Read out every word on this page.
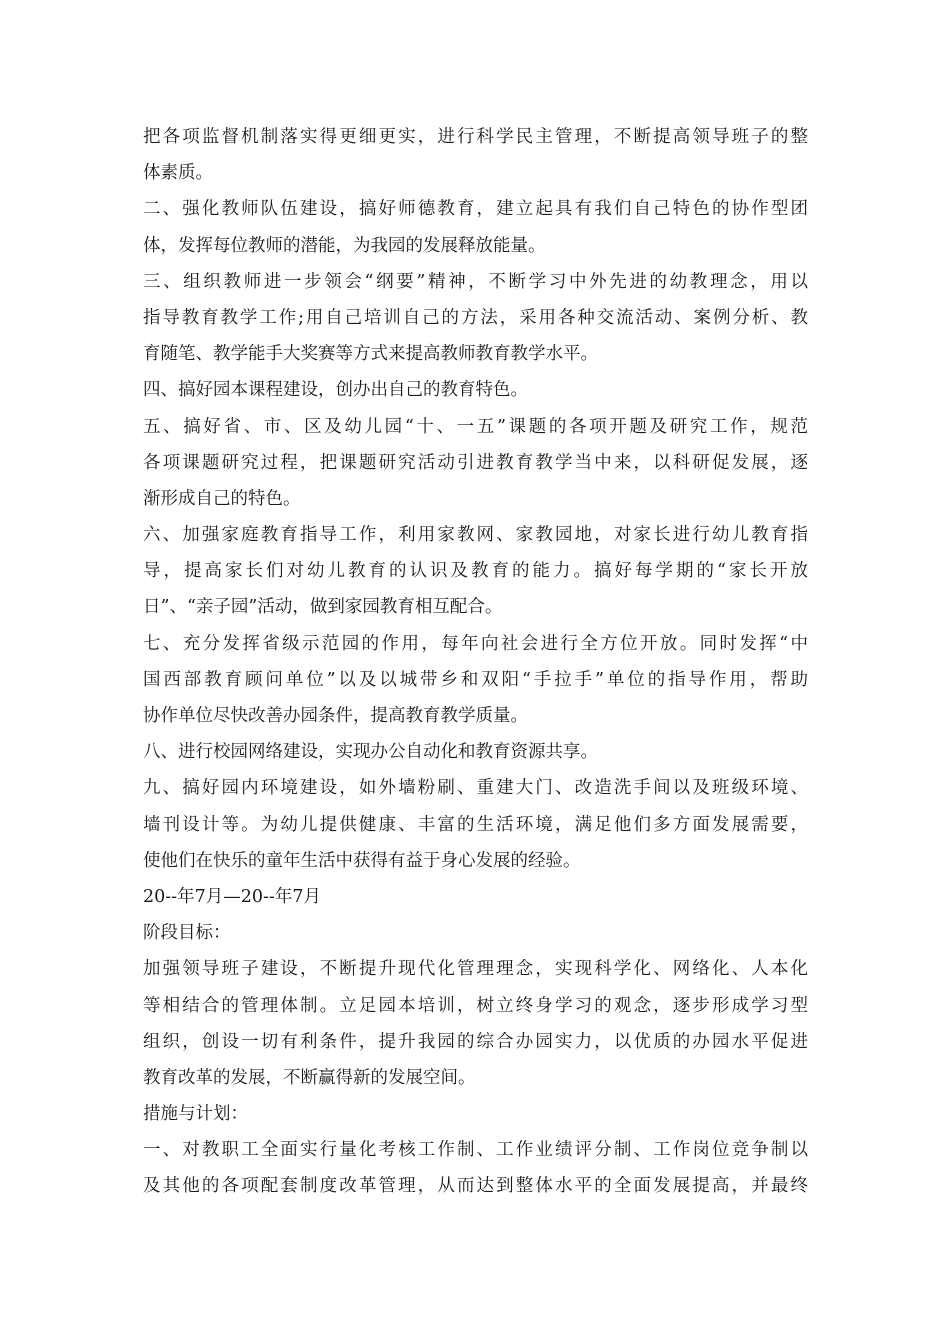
把各项监督机制落实得更细更实，进行科学民主管理，不断提高领导班子的整
体素质。
二、强化教师队伍建设，搞好师德教育，建立起具有我们自己特色的协作型团
体，发挥每位教师的潜能，为我园的发展释放能量。
三、组织教师进一步领会“纲要”精神，不断学习中外先进的幼教理念，用以
指导教育教学工作;用自己培训自己的方法，采用各种交流活动、案例分析、教
育随笔、教学能手大奖赛等方式来提高教师教育教学水平。
四、搞好园本课程建设，创办出自己的教育特色。
五、搞好省、市、区及幼儿园“十、一五”课题的各项开题及研究工作，规范
各项课题研究过程，把课题研究活动引进教育教学当中来，以科研促发展，逐
渐形成自己的特色。
六、加强家庭教育指导工作，利用家教网、家教园地，对家长进行幼儿教育指
导，提高家长们对幼儿教育的认识及教育的能力。搞好每学期的“家长开放
日”、“亲子园”活动，做到家园教育相互配合。
七、充分发挥省级示范园的作用，每年向社会进行全方位开放。同时发挥“中
国西部教育顾问单位”以及以城带乡和双阳“手拉手”单位的指导作用，帮助
协作单位尽快改善办园条件，提高教育教学质量。
八、进行校园网络建设，实现办公自动化和教育资源共享。
九、搞好园内环境建设，如外墙粉刷、重建大门、改造洗手间以及班级环境、
墙刊设计等。为幼儿提供健康、丰富的生活环境，满足他们多方面发展需要，
使他们在快乐的童年生活中获得有益于身心发展的经验。
20--年7月—20--年7月
阶段目标：
加强领导班子建设，不断提升现代化管理理念，实现科学化、网络化、人本化
等相结合的管理体制。立足园本培训，树立终身学习的观念，逐步形成学习型
组织，创设一切有利条件，提升我园的综合办园实力，以优质的办园水平促进
教育改革的发展，不断赢得新的发展空间。
措施与计划：
一、对教职工全面实行量化考核工作制、工作业绩评分制、工作岗位竞争制以
及其他的各项配套制度改革管理，从而达到整体水平的全面发展提高，并最终
